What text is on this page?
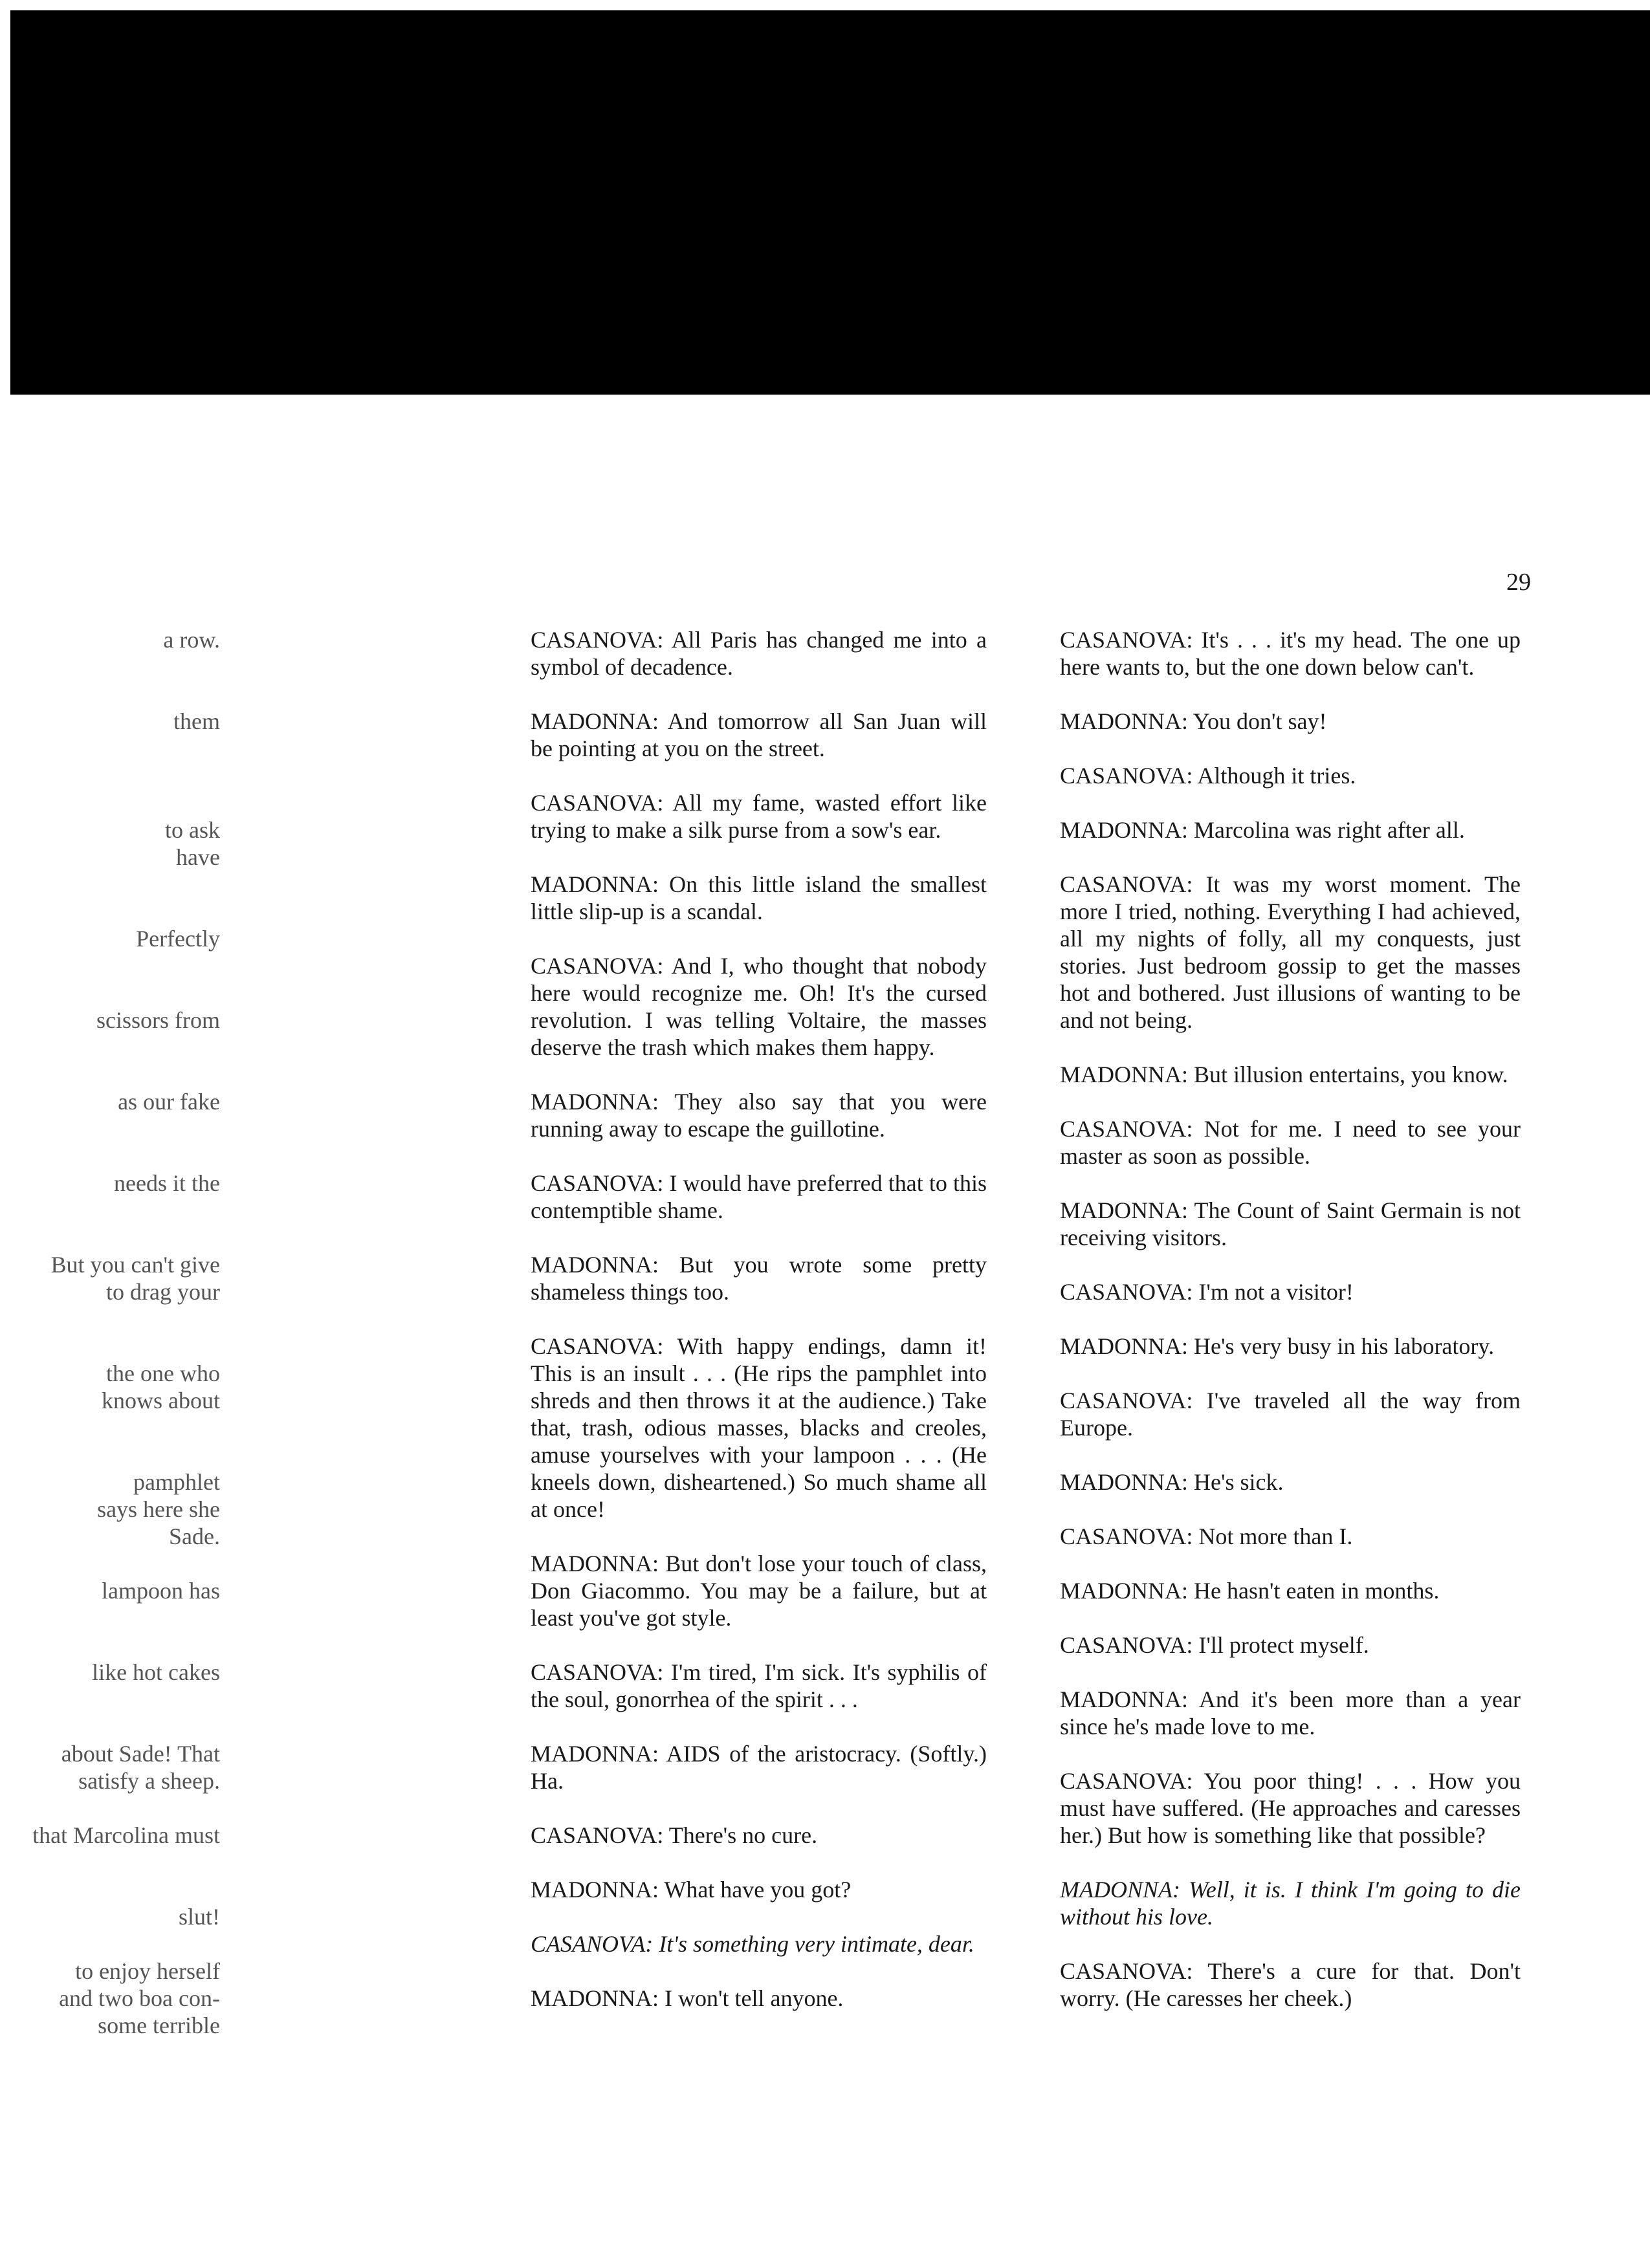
29
a row.
them
to ask
have
Perfectly
scissors from
as our fake
needs it the
But you can't give
to drag your
the one who
knows about
pamphlet
says here she
Sade.
lampoon has
like hot cakes
about Sade! That
satisfy a sheep.
that Marcolina must
slut!
to enjoy herself
and two boa con-
some terrible

CASANOVA: All Paris has changed me into a symbol of decadence.

MADONNA: And tomorrow all San Juan will be pointing at you on the street.

CASANOVA: All my fame, wasted effort like trying to make a silk purse from a sow's ear.

MADONNA: On this little island the smallest little slip-up is a scandal.

CASANOVA: And I, who thought that nobody here would recognize me. Oh! It's the cursed revolution. I was telling Voltaire, the masses deserve the trash which makes them happy.

MADONNA: They also say that you were running away to escape the guillotine.

CASANOVA: I would have preferred that to this contemptible shame.

MADONNA: But you wrote some pretty shameless things too.

CASANOVA: With happy endings, damn it! This is an insult . . . (He rips the pamphlet into shreds and then throws it at the audience.) Take that, trash, odious masses, blacks and creoles, amuse yourselves with your lampoon . . . (He kneels down, disheartened.) So much shame all at once!

MADONNA: But don't lose your touch of class, Don Giacommo. You may be a failure, but at least you've got style.

CASANOVA: I'm tired, I'm sick. It's syphilis of the soul, gonorrhea of the spirit . . .

MADONNA: AIDS of the aristocracy. (Softly.) Ha.

CASANOVA: There's no cure.

MADONNA: What have you got?

CASANOVA: It's something very intimate, dear.

MADONNA: I won't tell anyone.

CASANOVA: It's . . . it's my head. The one up here wants to, but the one down below can't.

MADONNA: You don't say!

CASANOVA: Although it tries.

MADONNA: Marcolina was right after all.

CASANOVA: It was my worst moment. The more I tried, nothing. Everything I had achieved, all my nights of folly, all my conquests, just stories. Just bedroom gossip to get the masses hot and bothered. Just illusions of wanting to be and not being.

MADONNA: But illusion entertains, you know.

CASANOVA: Not for me. I need to see your master as soon as possible.

MADONNA: The Count of Saint Germain is not receiving visitors.

CASANOVA: I'm not a visitor!

MADONNA: He's very busy in his laboratory.

CASANOVA: I've traveled all the way from Europe.

MADONNA: He's sick.

CASANOVA: Not more than I.

MADONNA: He hasn't eaten in months.

CASANOVA: I'll protect myself.

MADONNA: And it's been more than a year since he's made love to me.

CASANOVA: You poor thing! . . . How you must have suffered. (He approaches and caresses her.) But how is something like that possible?

MADONNA: Well, it is. I think I'm going to die without his love.

CASANOVA: There's a cure for that. Don't worry. (He caresses her cheek.)
